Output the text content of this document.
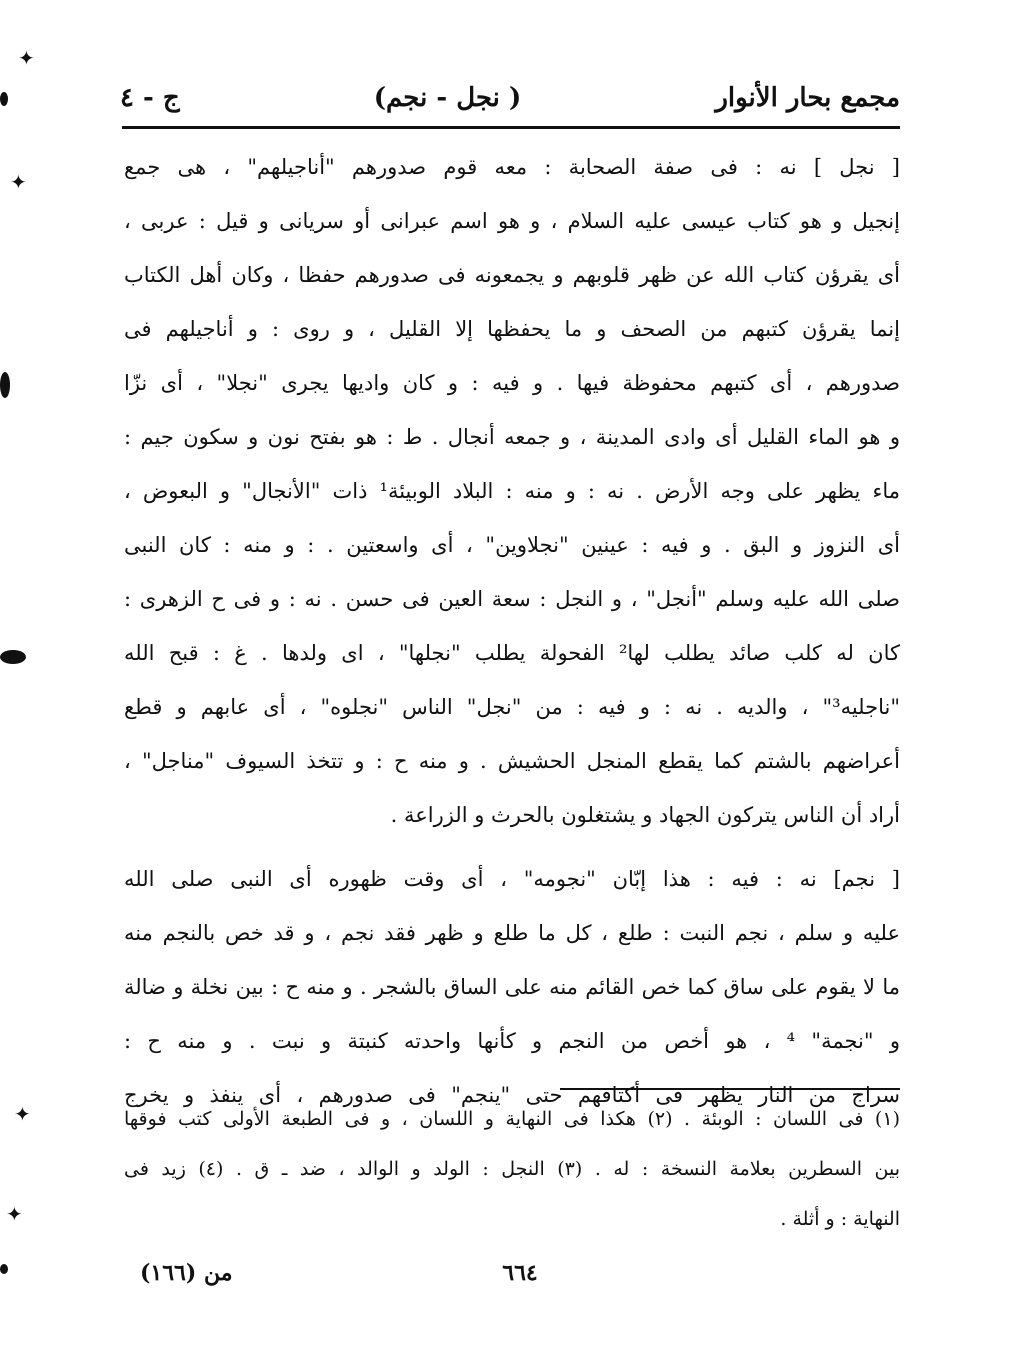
ج - ٤	( نجل - نجم)	مجمع بحار الأنوار
[ نجل ] نه : فى صفة الصحابة : معه قوم صدورهم "أناجيلهم" ، هى جمع
إنجيل و هو كتاب عيسى عليه السلام ، و هو اسم عبرانى أو سريانى و قيل : عربى ،
أى يقرؤن كتاب الله عن ظهر قلوبهم و يجمعونه فى صدورهم حفظا ، وكان أهل الكتاب
إنما يقرؤن كتبهم من الصحف و ما يحفظها إلا القليل ، و روى : و أناجيلهم فى
صدورهم ، أى كتبهم محفوظة فيها . و فيه : و كان واديها يجرى "نجلا" ، أى نزّا
و هو الماء القليل أى وادى المدينة ، و جمعه أنجال . ط : هو بفتح نون و سكون جيم :
ماء يظهر على وجه الأرض . نه : و منه : البلاد الوبيئة¹ ذات "الأنجال" و البعوض ،
أى النزوز و البق . و فيه : عينين "نجلاوين" ، أى واسعتين . : و منه : كان النبى
صلى الله عليه وسلم "أنجل" ، و النجل : سعة العين فى حسن . نه : و فى ح الزهرى :
كان له كلب صائد يطلب لها² الفحولة يطلب "نجلها" ، اى ولدها . غ : قبح الله
"ناجليه³" ، والديه . نه : و فيه : من "نجل" الناس "نجلوه" ، أى عابهم و قطع
أعراضهم بالشتم كما يقطع المنجل الحشيش . و منه ح : و تتخذ السيوف "مناجل" ،
أراد أن الناس يتركون الجهاد و يشتغلون بالحرث و الزراعة .
[ نجم] نه : فيه : هذا إبّان "نجومه" ، أى وقت ظهوره أى النبى صلى الله
عليه و سلم ، نجم النبت : طلع ، كل ما طلع و ظهر فقد نجم ، و قد خص بالنجم منه
ما لا يقوم على ساق كما خص القائم منه على الساق بالشجر . و منه ح : بين نخلة و ضالة
و "نجمة" ⁴ ، هو أخص من النجم و كأنها واحدته كنبتة و نبت . و منه ح :
سراج من النار يظهر فى أكتافهم حتى "ينجم" فى صدورهم ، أى ينفذ و يخرج
(١) فى اللسان : الوبئة . (٢) هكذا فى النهاية و اللسان ، و فى الطبعة الأولى كتب فوقها
بين السطرين بعلامة النسخة : له . (٣) النجل : الولد و الوالد ، ضد ـ ق . (٤) زيد فى
النهاية : و أثلة .
٦٦٤
(١٦٦) من
✦
✦
✦
✦
